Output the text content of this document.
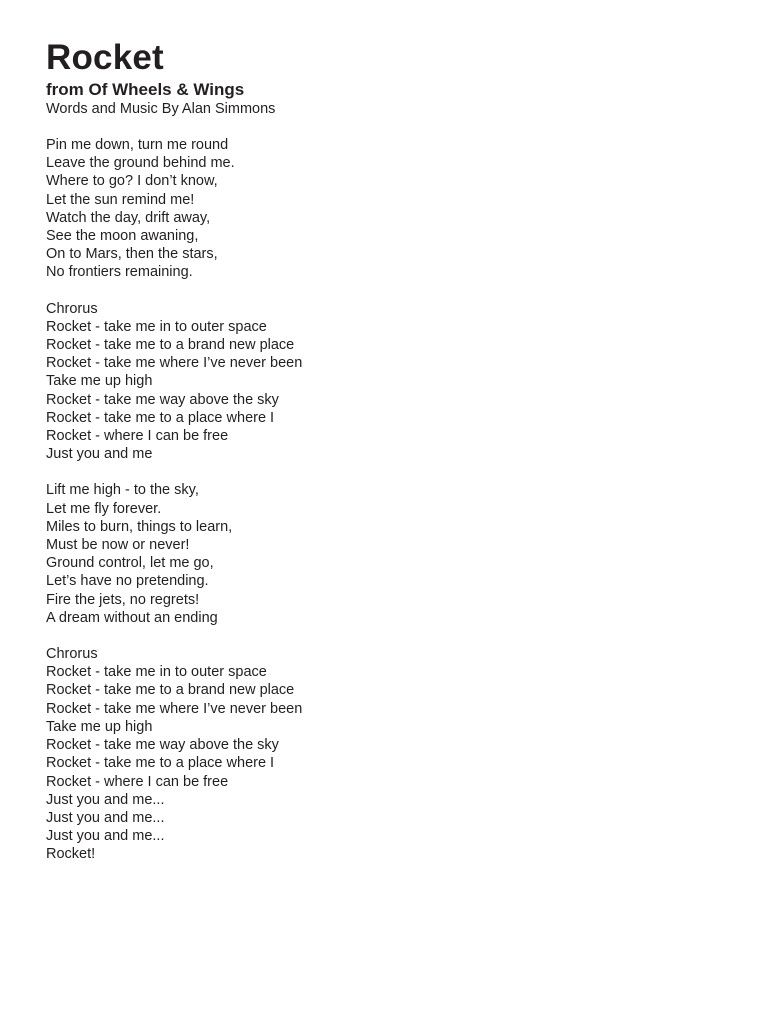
Rocket
from Of Wheels & Wings
Words and Music By Alan Simmons
Pin me down, turn me round
Leave the ground behind me.
Where to go? I don’t know,
Let the sun remind me!
Watch the day, drift away,
See the moon awaning,
On to Mars, then the stars,
No frontiers remaining.
Chrorus
Rocket - take me in to outer space
Rocket - take me to a brand new place
Rocket - take me where I’ve never been
Take me up high
Rocket - take me way above the sky
Rocket - take me to a place where I
Rocket - where I can be free
Just you and me
Lift me high - to the sky,
Let me fly forever.
Miles to burn, things to learn,
Must be now or never!
Ground control, let me go,
Let’s have no pretending.
Fire the jets, no regrets!
A dream without an ending
Chrorus
Rocket - take me in to outer space
Rocket - take me to a brand new place
Rocket - take me where I’ve never been
Take me up high
Rocket - take me way above the sky
Rocket - take me to a place where I
Rocket - where I can be free
Just you and me...
Just you and me...
Just you and me...
Rocket!
